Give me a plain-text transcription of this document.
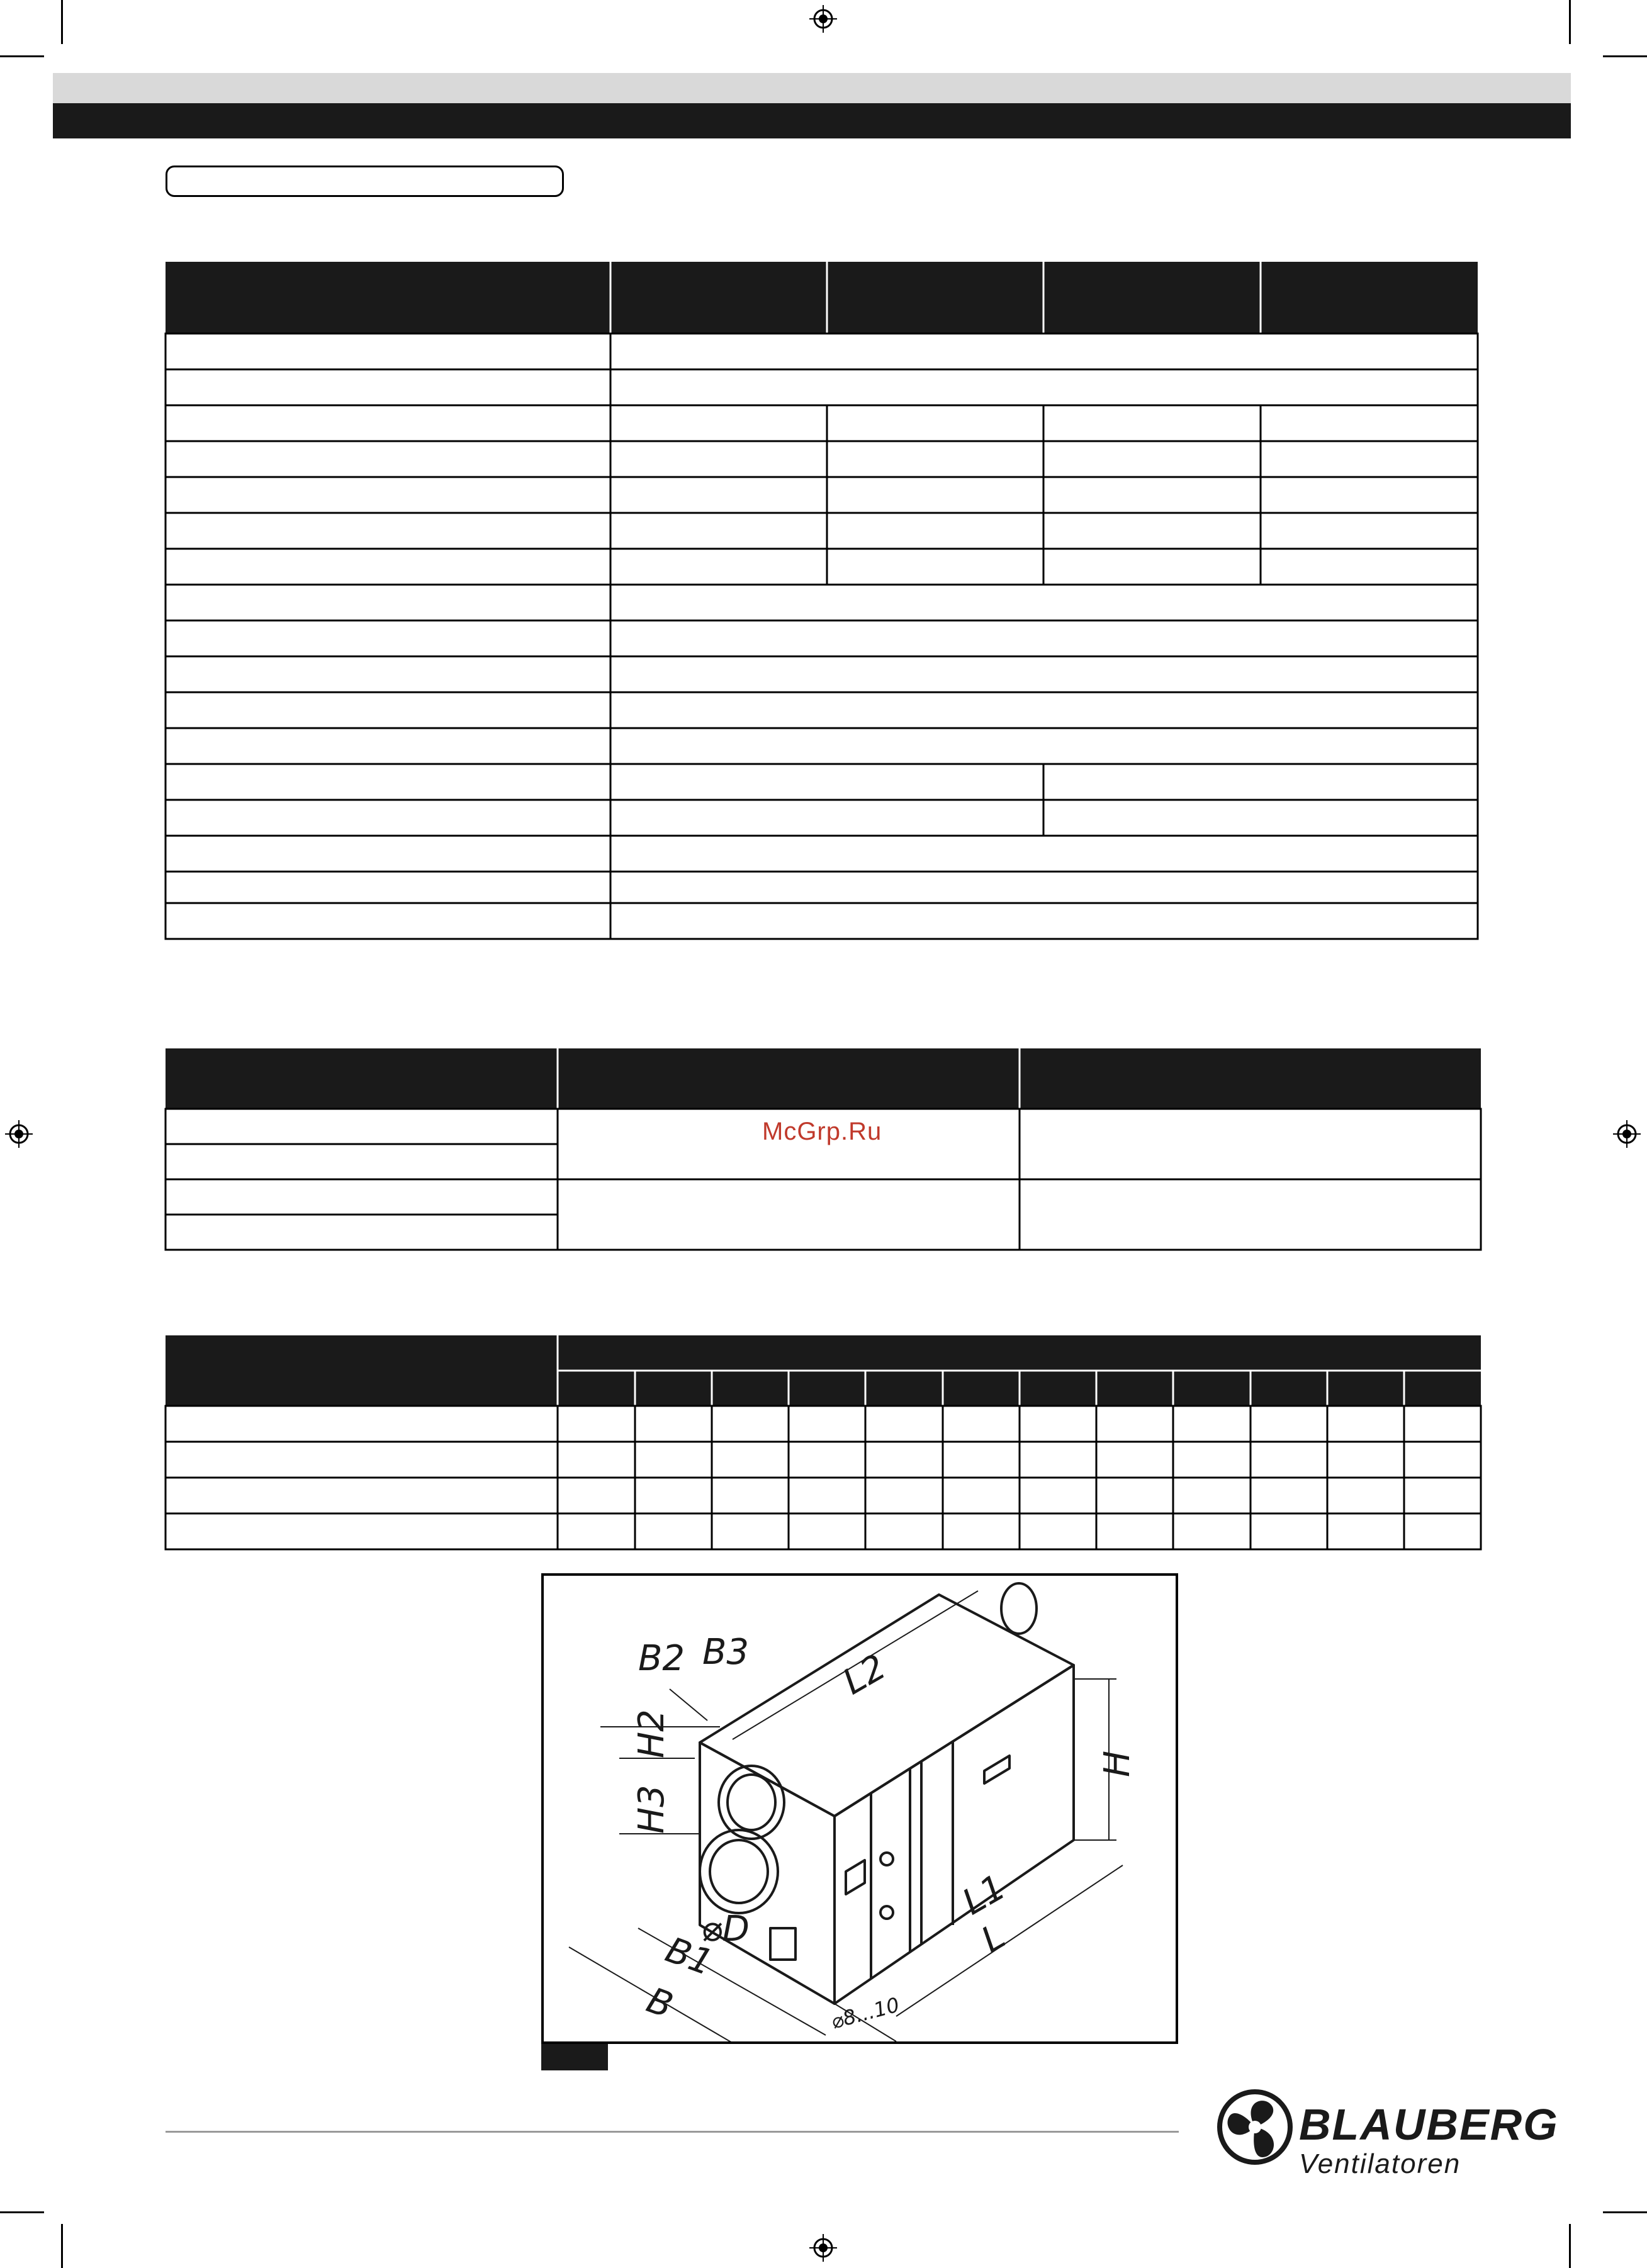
McGrp.Ru
B2 B3 L2
H2
H3
H
L1
L
B1
B
⌀D
⌀8...10
BLAUBERG
Ventilatoren
